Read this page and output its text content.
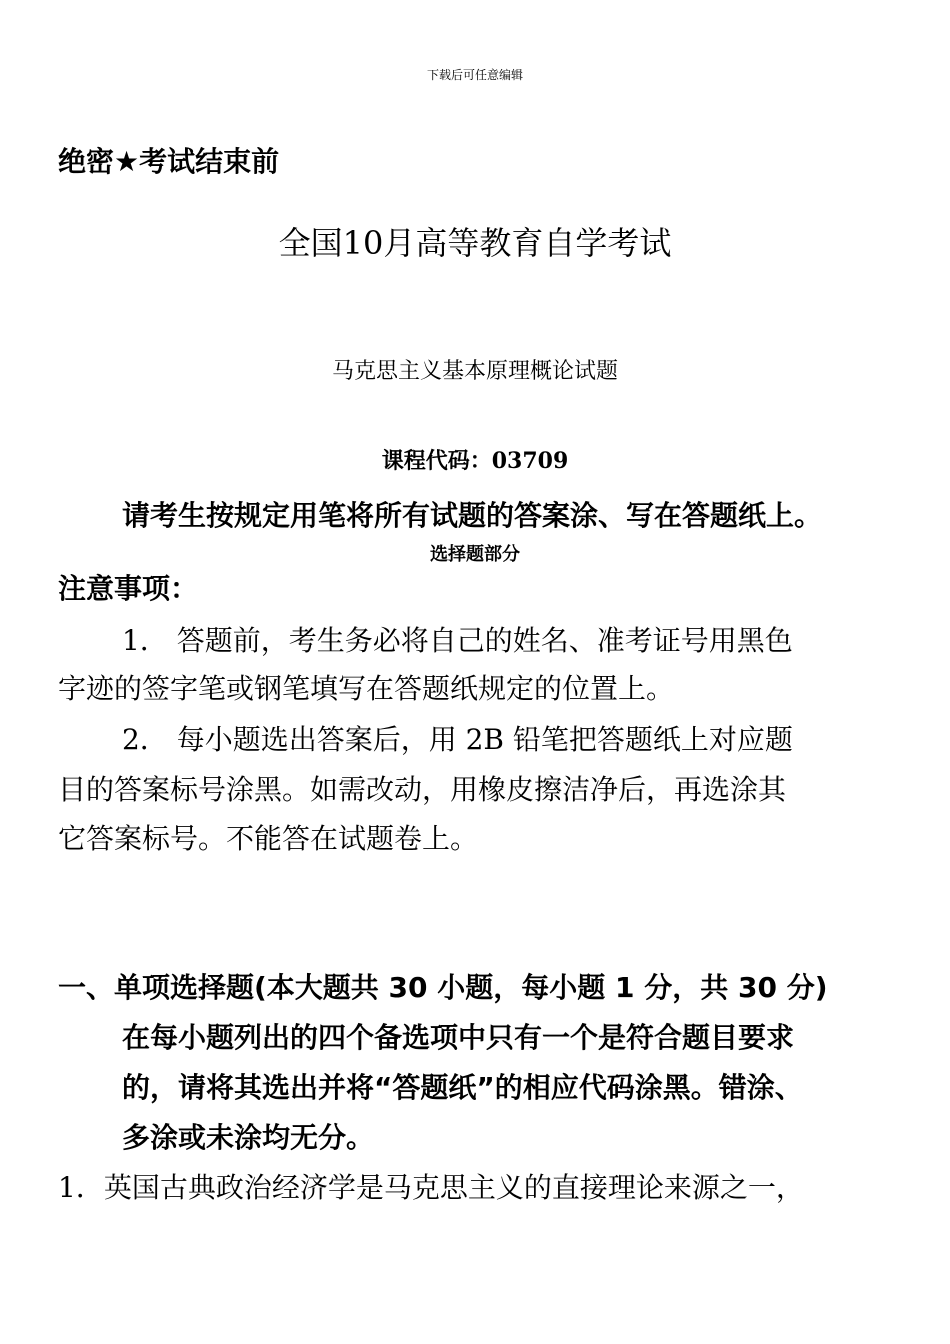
下载后可任意编辑
绝密★考试结束前
全国10月高等教育自学考试
马克思主义基本原理概论试题
课程代码：03709
请考生按规定用笔将所有试题的答案涂、写在答题纸上。
选择题部分
注意事项：
1． 答题前，考生务必将自己的姓名、准考证号用黑色
字迹的签字笔或钢笔填写在答题纸规定的位置上。
2． 每小题选出答案后，用 2B 铅笔把答题纸上对应题
目的答案标号涂黑。如需改动，用橡皮擦洁净后，再选涂其
它答案标号。不能答在试题卷上。
一、单项选择题(本大题共 30 小题，每小题 1 分，共 30 分)
在每小题列出的四个备选项中只有一个是符合题目要求
的，请将其选出并将“答题纸”的相应代码涂黑。错涂、
多涂或未涂均无分。
1．英国古典政治经济学是马克思主义的直接理论来源之一，
